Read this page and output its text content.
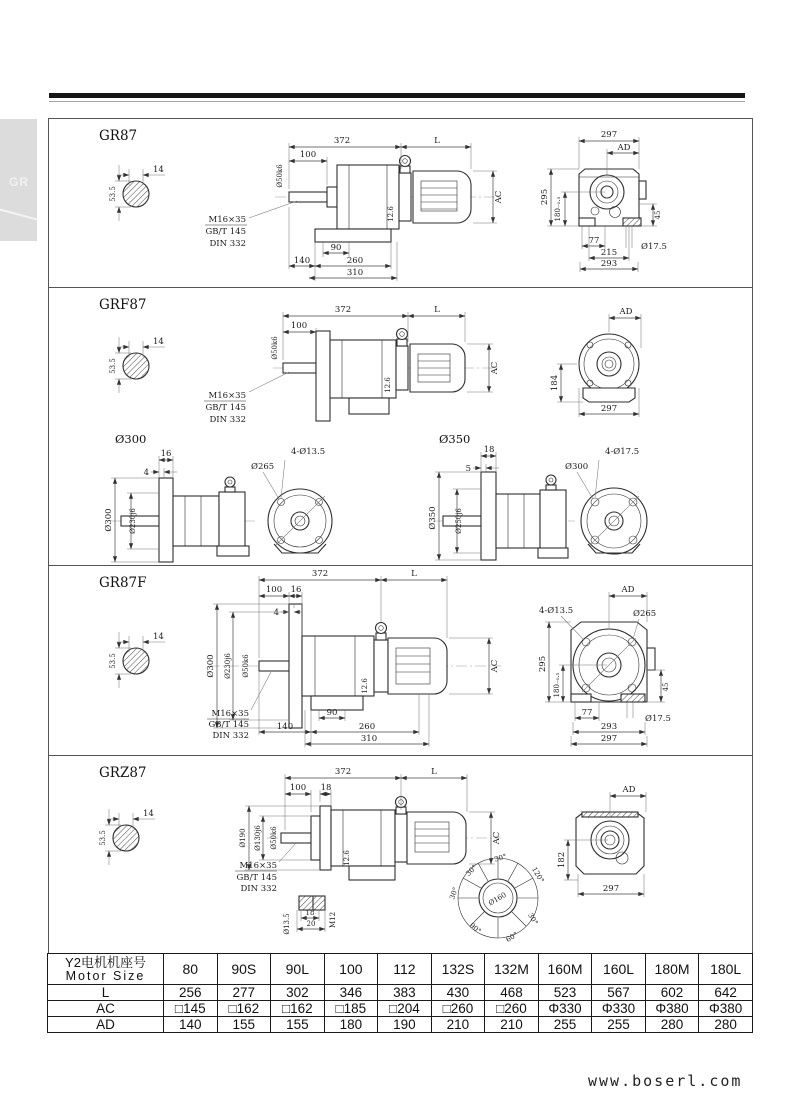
GR
GR87
14
53.5
372	L
100
Ø50k6
12.6
AC
M16×35
GB/T 145
DIN 332	90
140	260
310
297
AD
295 180₋₀.₅	45
77
215
293
Ø17.5
GRF87
14
53.5
372	L
100
Ø50k6
12.6
AC
M16×35
GB/T 145
DIN 332
AD
184
297
Ø300
16
4
Ø300 Ø230j6
4-Ø13.5
Ø265
Ø350
18
5
Ø350 Ø250j6
4-Ø17.5
Ø300
GR87F
14
53.5
372	L
100 16
4
Ø300 Ø230j6 Ø50k6
12.6
AC
M16×35
GB/T 145
DIN 332
90
140	260
310
AD
4-Ø13.5	Ø265
295
180₋₀.₅	45
77
293
297
Ø17.5
GRZ87
14
53.5
372	L
100 18
Ø190 Ø130j6 Ø50k6
12.6
AC
M16×35
GB/T 145
DIN 332
18
20
Ø13.5	M12
Ø160
30°
30°
30°
120°
30°
60°
90°
AD
182
297
Y2电机机座号
Motor Size	80	90S	90L	100	112	132S	132M	160M	160L	180M	180L
L	256	277	302	346	383	430	468	523	567	602	642
AC	□145	□162	□162	□185	□204	□260	□260	Φ330	Φ330	Φ380	Φ380
AD	140	155	155	180	190	210	210	255	255	280	280
www.boserl.com
